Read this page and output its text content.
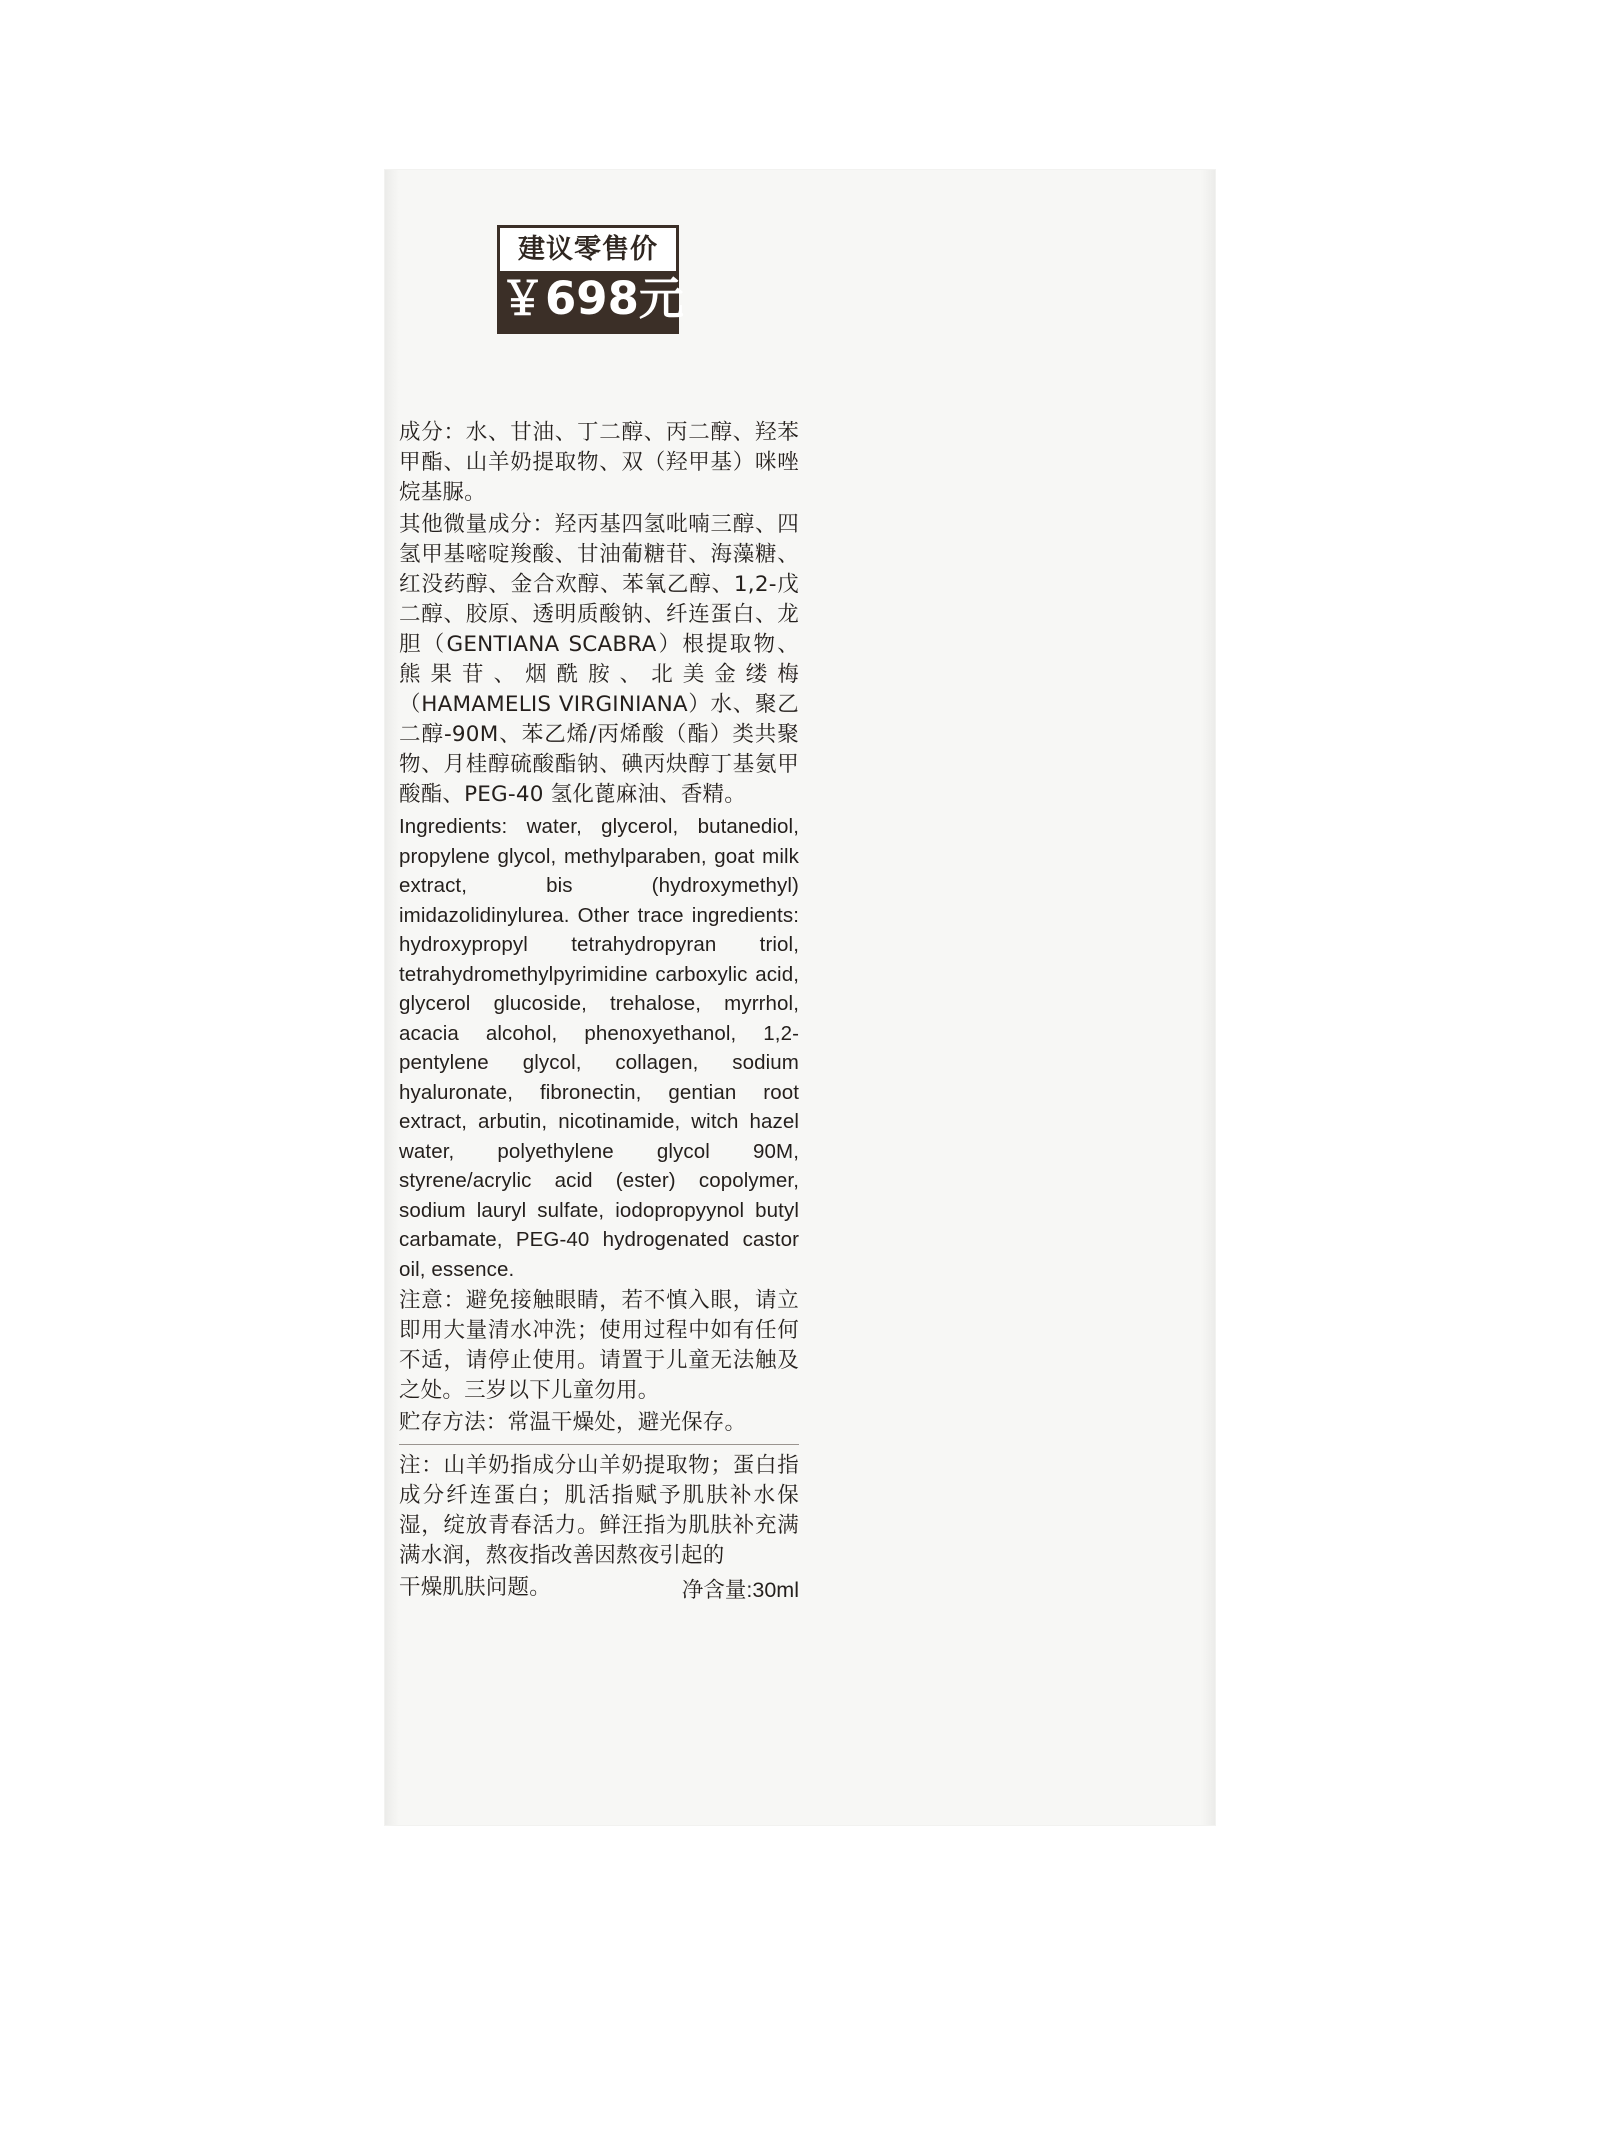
建议零售价
￥698元

成分：水、甘油、丁二醇、丙二醇、羟苯甲酯、山羊奶提取物、双（羟甲基）咪唑烷基脲。

其他微量成分：羟丙基四氢吡喃三醇、四氢甲基嘧啶羧酸、甘油葡糖苷、海藻糖、红没药醇、金合欢醇、苯氧乙醇、1,2-戊二醇、胶原、透明质酸钠、纤连蛋白、龙胆（GENTIANA SCABRA）根提取物、熊果苷、烟酰胺、北美金缕梅（HAMAMELIS VIRGINIANA）水、聚乙二醇-90M、苯乙烯/丙烯酸（酯）类共聚物、月桂醇硫酸酯钠、碘丙炔醇丁基氨甲酸酯、PEG-40 氢化蓖麻油、香精。

Ingredients: water, glycerol, butanediol, propylene glycol, methylparaben, goat milk extract, bis (hydroxymethyl) imidazolidinylurea. Other trace ingredients: hydroxypropyl tetrahydropyran triol, tetrahydromethylpyrimidine carboxylic acid, glycerol glucoside, trehalose, myrrhol, acacia alcohol, phenoxyethanol, 1,2-pentylene glycol, collagen, sodium hyaluronate, fibronectin, gentian root extract, arbutin, nicotinamide, witch hazel water, polyethylene glycol 90M, styrene/acrylic acid (ester) copolymer, sodium lauryl sulfate, iodopropyynol butyl carbamate, PEG-40 hydrogenated castor oil, essence.

注意：避免接触眼睛，若不慎入眼，请立即用大量清水冲洗；使用过程中如有任何不适，请停止使用。请置于儿童无法触及之处。三岁以下儿童勿用。

贮存方法：常温干燥处，避光保存。

注：山羊奶指成分山羊奶提取物；蛋白指成分纤连蛋白；肌活指赋予肌肤补水保湿，绽放青春活力。鲜汪指为肌肤补充满满水润，熬夜指改善因熬夜引起的

干燥肌肤问题。	净含量:30ml
